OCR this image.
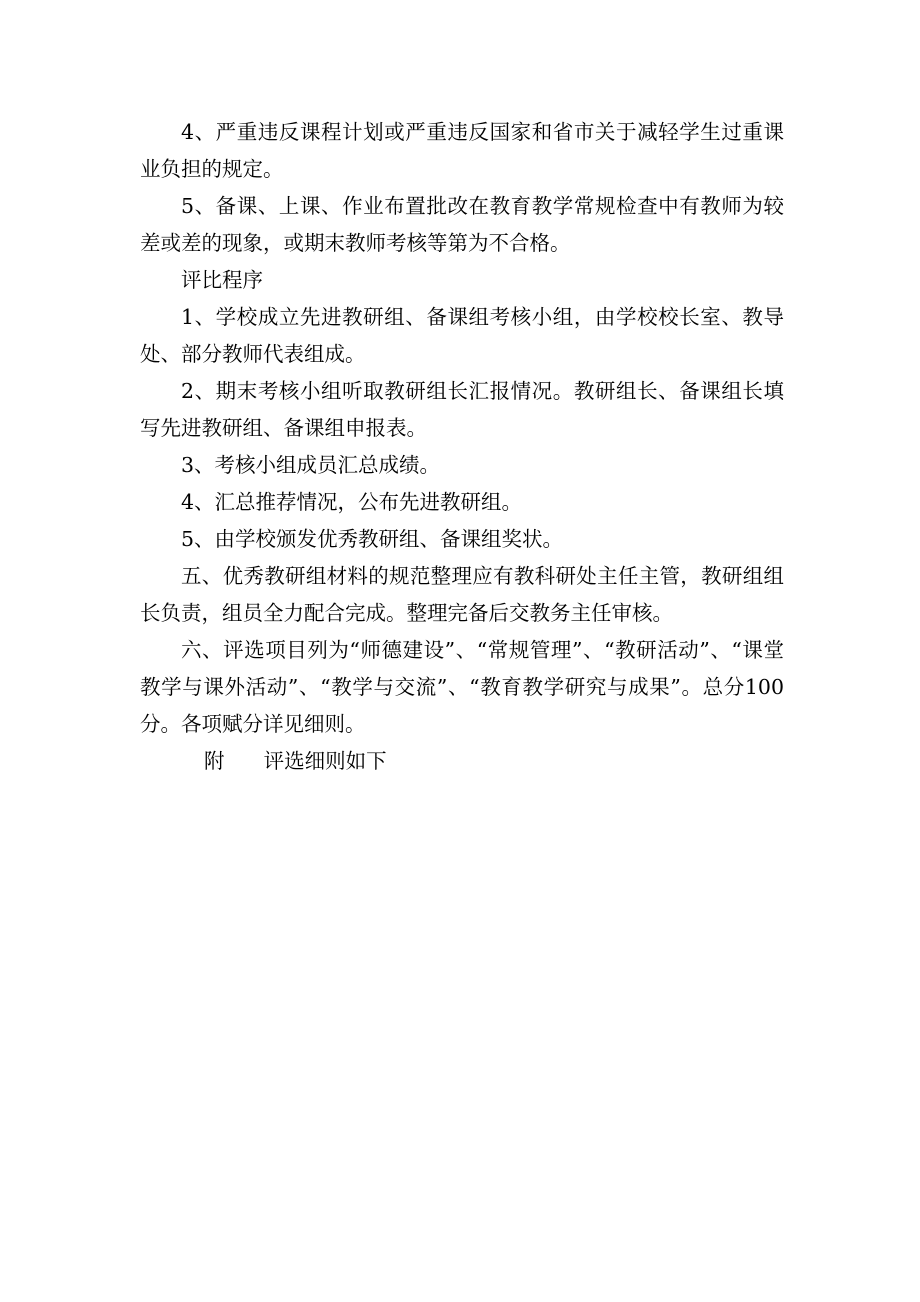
4、严重违反课程计划或严重违反国家和省市关于减轻学生过重课业负担的规定。

5、备课、上课、作业布置批改在教育教学常规检查中有教师为较差或差的现象，或期末教师考核等第为不合格。

评比程序

1、学校成立先进教研组、备课组考核小组，由学校校长室、教导处、部分教师代表组成。

2、期末考核小组听取教研组长汇报情况。教研组长、备课组长填写先进教研组、备课组申报表。

3、考核小组成员汇总成绩。

4、汇总推荐情况，公布先进教研组。

5、由学校颁发优秀教研组、备课组奖状。

五、优秀教研组材料的规范整理应有教科研处主任主管，教研组组长负责，组员全力配合完成。整理完备后交教务主任审核。

六、评选项目列为“师德建设”、“常规管理”、“教研活动”、“课堂教学与课外活动”、“教学与交流”、“教育教学研究与成果”。总分100分。各项赋分详见细则。

附 评选细则如下
